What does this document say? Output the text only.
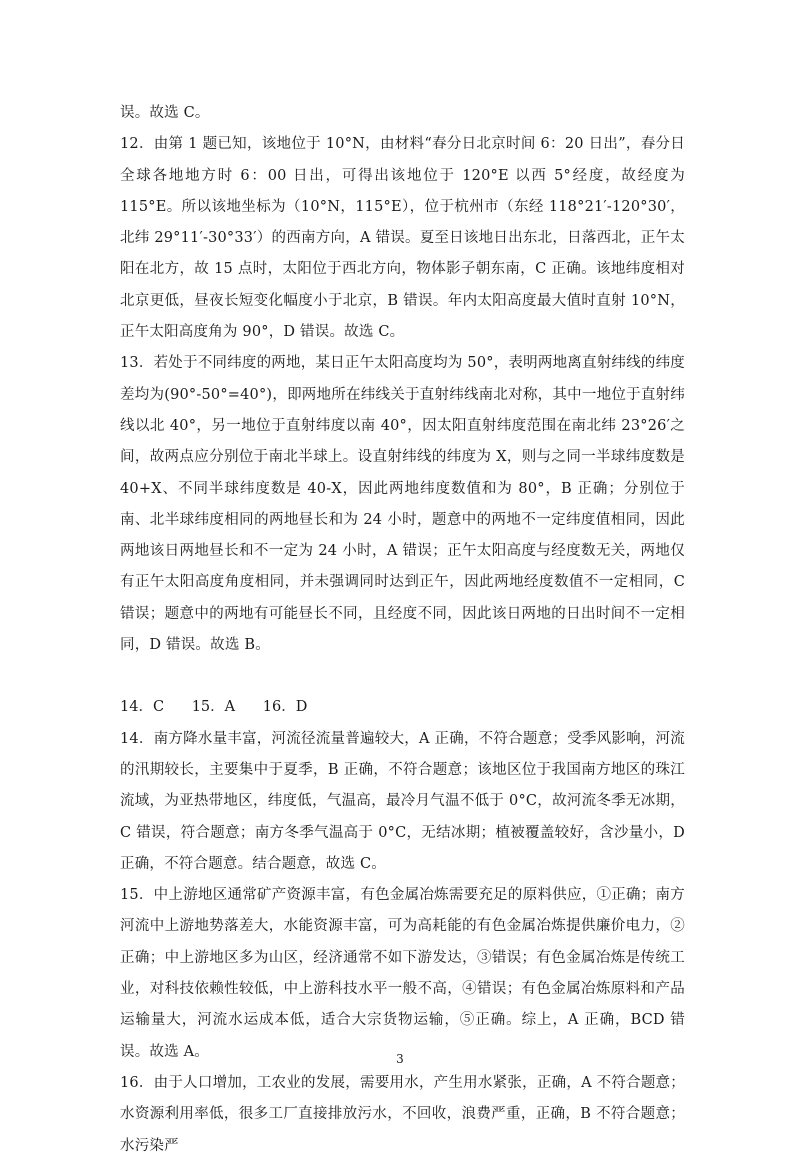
误。故选 C。

12．由第 1 题已知，该地位于 10°N，由材料“春分日北京时间 6：20 日出”，春分日全球各地地方时 6：00 日出，可得出该地位于 120°E 以西 5°经度，故经度为 115°E。所以该地坐标为（10°N，115°E），位于杭州市（东经 118°21′-120°30′，北纬 29°11′-30°33′）的西南方向，A 错误。夏至日该地日出东北，日落西北，正午太阳在北方，故 15 点时，太阳位于西北方向，物体影子朝东南，C 正确。该地纬度相对北京更低，昼夜长短变化幅度小于北京，B 错误。年内太阳高度最大值时直射 10°N，正午太阳高度角为 90°，D 错误。故选 C。

13．若处于不同纬度的两地，某日正午太阳高度均为 50°，表明两地离直射纬线的纬度差均为(90°-50°=40°)，即两地所在纬线关于直射纬线南北对称，其中一地位于直射纬线以北 40°，另一地位于直射纬度以南 40°，因太阳直射纬度范围在南北纬 23°26′之间，故两点应分别位于南北半球上。设直射纬线的纬度为 X，则与之同一半球纬度数是 40+X、不同半球纬度数是 40-X，因此两地纬度数值和为 80°，B 正确；分别位于南、北半球纬度相同的两地昼长和为 24 小时，题意中的两地不一定纬度值相同，因此两地该日两地昼长和不一定为 24 小时，A 错误；正午太阳高度与经度数无关，两地仅有正午太阳高度角度相同，并未强调同时达到正午，因此两地经度数值不一定相同，C 错误；题意中的两地有可能昼长不同，且经度不同，因此该日两地的日出时间不一定相同，D 错误。故选 B。

14．C      15．A      16．D

14．南方降水量丰富，河流径流量普遍较大，A 正确，不符合题意；受季风影响，河流的汛期较长，主要集中于夏季，B 正确，不符合题意；该地区位于我国南方地区的珠江流域，为亚热带地区，纬度低，气温高，最冷月气温不低于 0°C，故河流冬季无冰期，C 错误，符合题意；南方冬季气温高于 0°C，无结冰期；植被覆盖较好，含沙量小，D 正确，不符合题意。结合题意，故选 C。

15．中上游地区通常矿产资源丰富，有色金属冶炼需要充足的原料供应，①正确；南方河流中上游地势落差大，水能资源丰富，可为高耗能的有色金属冶炼提供廉价电力，②正确；中上游地区多为山区，经济通常不如下游发达，③错误；有色金属冶炼是传统工业，对科技依赖性较低，中上游科技水平一般不高，④错误；有色金属冶炼原料和产品运输量大，河流水运成本低，适合大宗货物运输，⑤正确。综上，A 正确，BCD 错误。故选 A。

16．由于人口增加，工农业的发展，需要用水，产生用水紧张，正确，A 不符合题意；水资源利用率低，很多工厂直接排放污水，不回收，浪费严重，正确，B 不符合题意；水污染严

3
